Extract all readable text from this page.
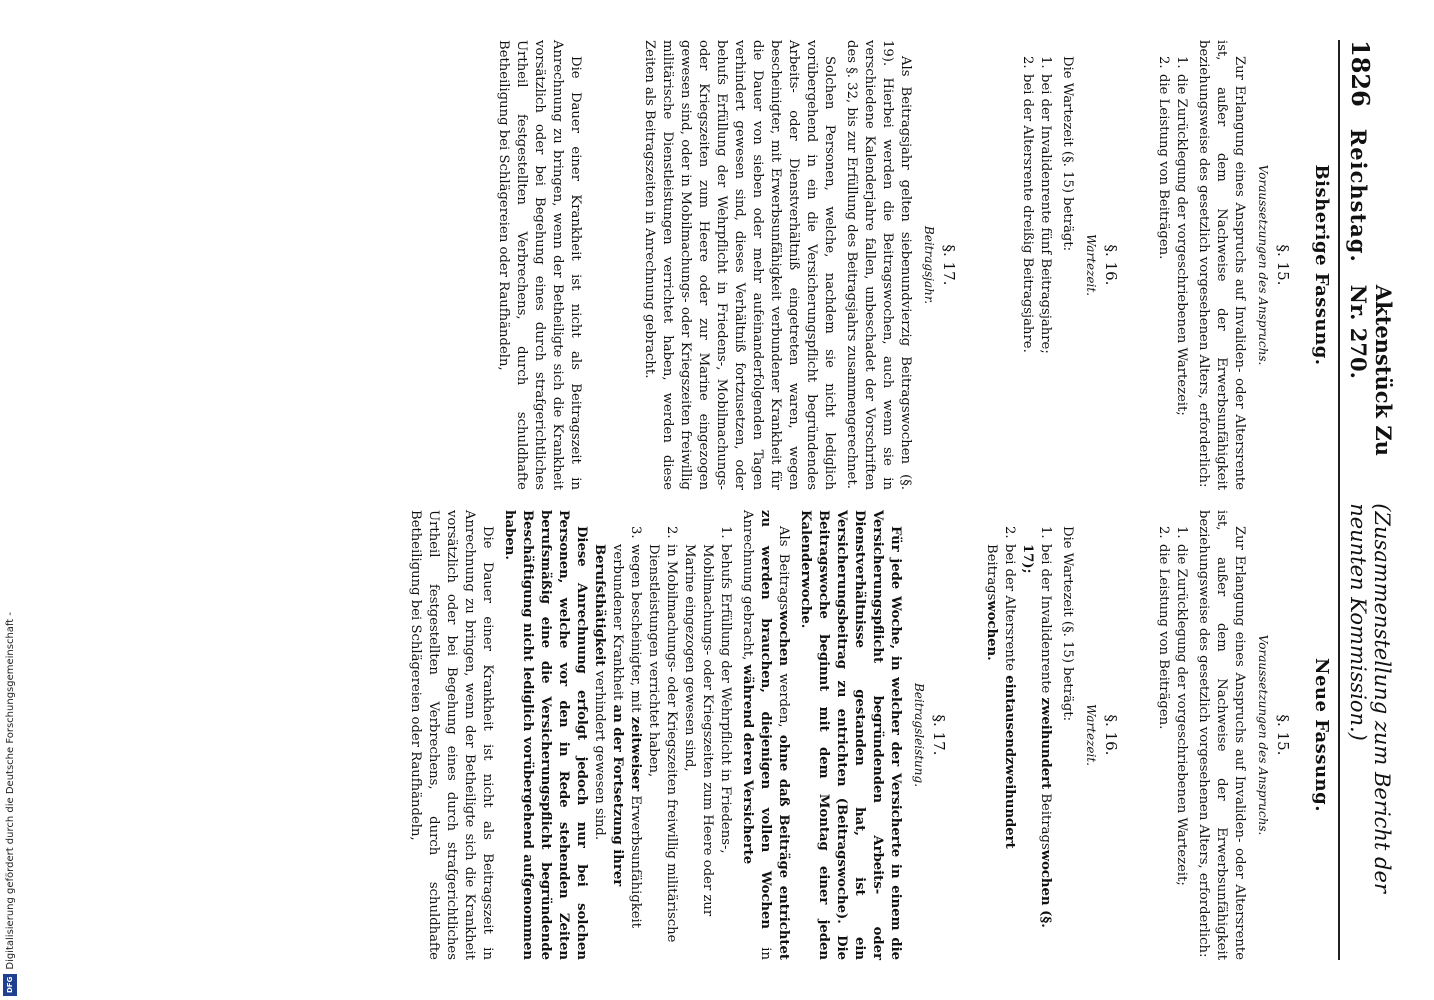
1826
Reichstag.
Aktenstück Zu Nr. 270.
(Zusammenstellung zum Bericht der neunten Kommission.)
Bisherige Fassung.
§. 15.
Voraussetzungen des Anspruchs.

Zur Erlangung eines Anspruchs auf Invaliden- oder Altersrente ist, außer dem Nachweise der Erwerbsunfähigkeit beziehungsweise des gesetzlich vorgesehenen Alters, erforderlich:

1.die Zurücklegung der vorgeschriebenen Wartezeit;

2.die Leistung von Beiträgen.

§. 16.
Wartezeit.

Die Wartezeit (§. 15) beträgt:

1.bei der Invalidenrente fünf Beitragsjahre;

2.bei der Altersrente dreißig Beitragsjahre.

§. 17.
Beitragsjahr.

Als Beitragsjahr gelten siebenundvierzig Beitragswochen (§. 19). Hierbei werden die Beitragswochen, auch wenn sie in verschiedene Kalenderjahre fallen, unbeschadet der Vorschriften des §. 32, bis zur Erfüllung des Beitragsjahrs zusammengerechnet.

Solchen Personen, welche, nachdem sie nicht lediglich vorübergehend in ein die Versicherungspflicht begründendes Arbeits- oder Dienstverhältniß eingetreten waren, wegen bescheinigter, mit Erwerbsunfähigkeit verbundener Krankheit für die Dauer von sieben oder mehr aufeinanderfolgenden Tagen verhindert gewesen sind, dieses Verhältniß fortzusetzen, oder behufs Erfüllung der Wehrpflicht in Friedens-, Mobilmachungs- oder Kriegszeiten zum Heere oder zur Marine eingezogen gewesen sind, oder in Mobilmachungs- oder Kriegszeiten freiwillig militärische Dienstleistungen verrichtet haben, werden diese Zeiten als Beitragszeiten in Anrechnung gebracht.

Die Dauer einer Krankheit ist nicht als Beitragszeit in Anrechnung zu bringen, wenn der Betheiligte sich die Krankheit vorsätzlich oder bei Begehung eines durch strafgerichtliches Urtheil festgestellten Verbrechens, durch schuldhafte Betheiligung bei Schlägereien oder Raufhändeln,

Neue Fassung.
§. 15.
Voraussetzungen des Anspruchs.

Zur Erlangung eines Anspruchs auf Invaliden- oder Altersrente ist, außer dem Nachweise der Erwerbsunfähigkeit beziehungsweise des gesetzlich vorgesehenen Alters, erforderlich:

1.die Zurücklegung der vorgeschriebenen Wartezeit;

2.die Leistung von Beiträgen.

§. 16.
Wartezeit.

Die Wartezeit (§. 15) beträgt:

1.bei der Invalidenrente zweihundert Beitragswochen (§. 17);

2.bei der Altersrente eintausendzweihundert Beitragswochen.

§. 17.
Beitragsleistung.

Für jede Woche, in welcher der Versicherte in einem die Versicherungspflicht begründenden Arbeits- oder Dienstverhältnisse gestanden hat, ist ein Versicherungsbeitrag zu entrichten (Beitragswoche). Die Beitragswoche beginnt mit dem Montag einer jeden Kalenderwoche.

Als Beitragswochen werden, ohne daß Beiträge entrichtet zu werden brauchen, diejenigen vollen Wochen in Anrechnung gebracht, während deren Versicherte

1.behufs Erfüllung der Wehrpflicht in Friedens-, Mobilmachungs- oder Kriegszeiten zum Heere oder zur Marine eingezogen gewesen sind,

2.in Mobilmachungs- oder Kriegszeiten freiwillig militärische Dienstleistungen verrichtet haben,

3.wegen bescheinigter, mit zeitweiser Erwerbsunfähigkeit verbundener Krankheit an der Fortsetzung ihrer Berufsthätigkeit verhindert gewesen sind.

Diese Anrechnung erfolgt jedoch nur bei solchen Personen, welche vor den in Rede stehenden Zeiten berufsmäßig eine die Versicherungspflicht begründende Beschäftigung nicht lediglich vorübergehend aufgenommen haben.

Die Dauer einer Krankheit ist nicht als Beitragszeit in Anrechnung zu bringen, wenn der Betheiligte sich die Krankheit vorsätzlich oder bei Begehung eines durch strafgerichtliches Urtheil festgestellten Verbrechens, durch schuldhafte Betheiligung bei Schlägereien oder Raufhändeln,

Digitalisierung gefördert durch die Deutsche Forschungsgemeinschaft -
DFG
